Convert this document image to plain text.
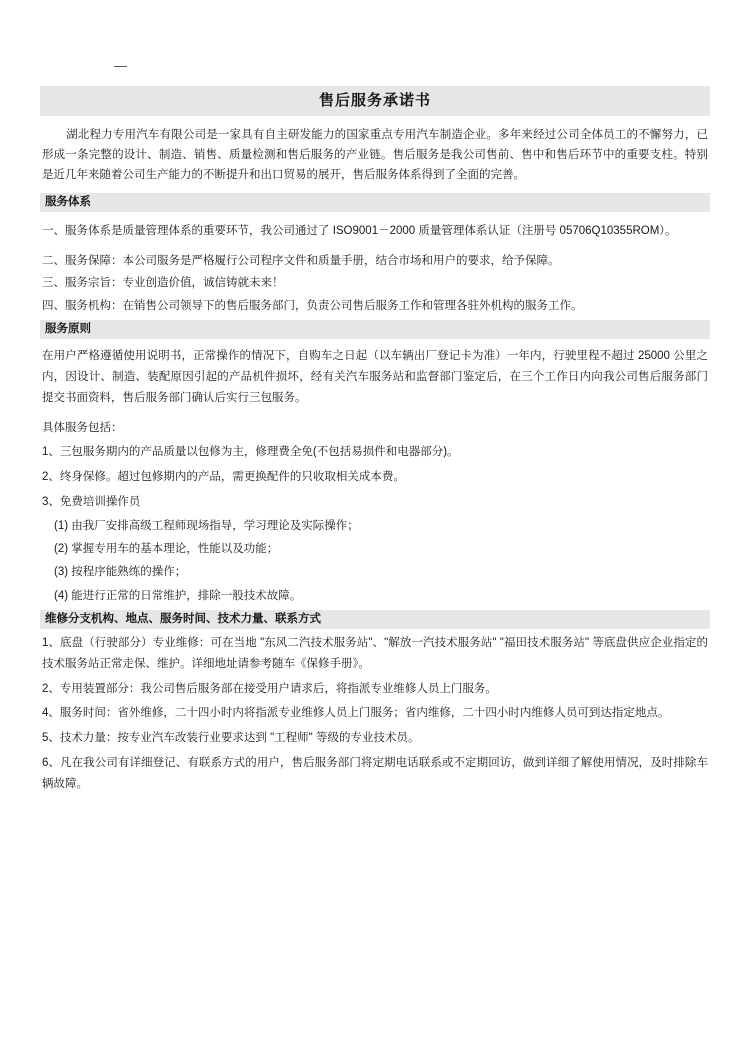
售后服务承诺书
湖北程力专用汽车有限公司是一家具有自主研发能力的国家重点专用汽车制造企业。多年来经过公司全体员工的不懈努力，已形成一条完整的设计、制造、销售、质量检测和售后服务的产业链。售后服务是我公司售前、售中和售后环节中的重要支柱。特别是近几年来随着公司生产能力的不断提升和出口贸易的展开，售后服务体系得到了全面的完善。
服务体系
一、服务体系是质量管理体系的重要环节，我公司通过了 ISO9001－2000 质量管理体系认证（注册号 05706Q10355ROM）。
二、服务保障：本公司服务是严格履行公司程序文件和质量手册，结合市场和用户的要求，给予保障。
三、服务宗旨：专业创造价值，诚信铸就未来！
四、服务机构：在销售公司领导下的售后服务部门，负责公司售后服务工作和管理各驻外机构的服务工作。
服务原则
在用户严格遵循使用说明书，正常操作的情况下，自购车之日起（以车辆出厂登记卡为准）一年内，行驶里程不超过 25000 公里之内，因设计、制造、装配原因引起的产品机件损坏，经有关汽车服务站和监督部门鉴定后，在三个工作日内向我公司售后服务部门提交书面资料，售后服务部门确认后实行三包服务。
具体服务包括：
1、三包服务期内的产品质量以包修为主，修理费全免(不包括易损件和电器部分)。
2、终身保修。超过包修期内的产品，需更换配件的只收取相关成本费。
3、免费培训操作员
(1) 由我厂安排高级工程师现场指导，学习理论及实际操作；
(2) 掌握专用车的基本理论，性能以及功能；
(3) 按程序能熟练的操作；
(4) 能进行正常的日常维护，排除一般技术故障。
维修分支机构、地点、服务时间、技术力量、联系方式
1、底盘（行驶部分）专业维修：可在当地 "东风二汽技术服务站"、"解放一汽技术服务站" "福田技术服务站" 等底盘供应企业指定的技术服务站正常走保、维护。详细地址请参考随车《保修手册》。
2、专用装置部分：我公司售后服务部在接受用户请求后，将指派专业维修人员上门服务。
4、服务时间：省外维修，二十四小时内将指派专业维修人员上门服务；省内维修，二十四小时内维修人员可到达指定地点。
5、技术力量：按专业汽车改装行业要求达到 "工程师" 等级的专业技术员。
6、凡在我公司有详细登记、有联系方式的用户，售后服务部门将定期电话联系或不定期回访，做到详细了解使用情况，及时排除车辆故障。
